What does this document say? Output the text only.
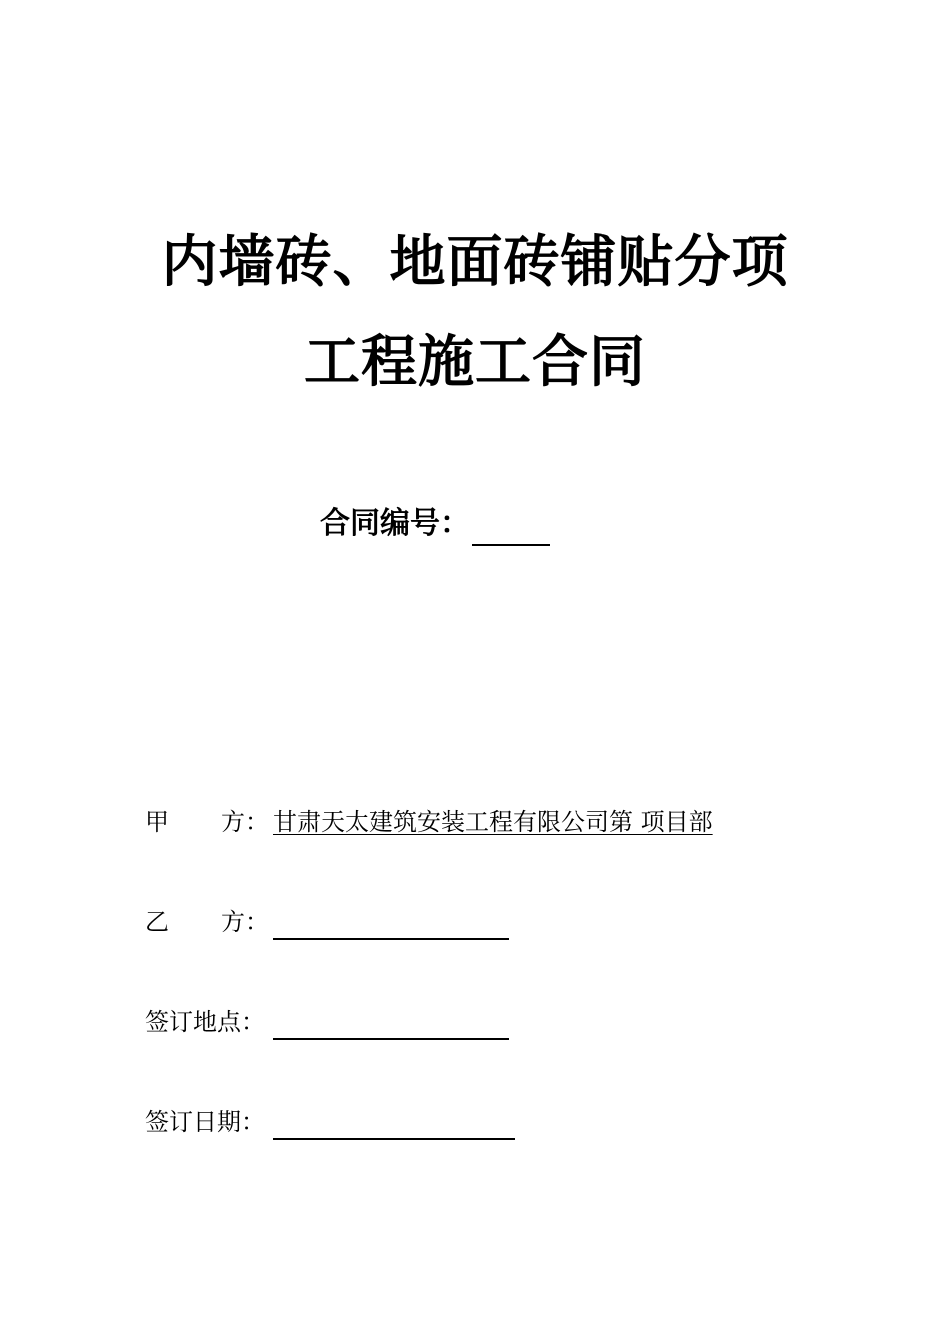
内墙砖、地面砖铺贴分项
工程施工合同
合同编号：
甲 方： 甘肃天太建筑安装工程有限公司第 项目部
乙 方：
签订地点：
签订日期：
